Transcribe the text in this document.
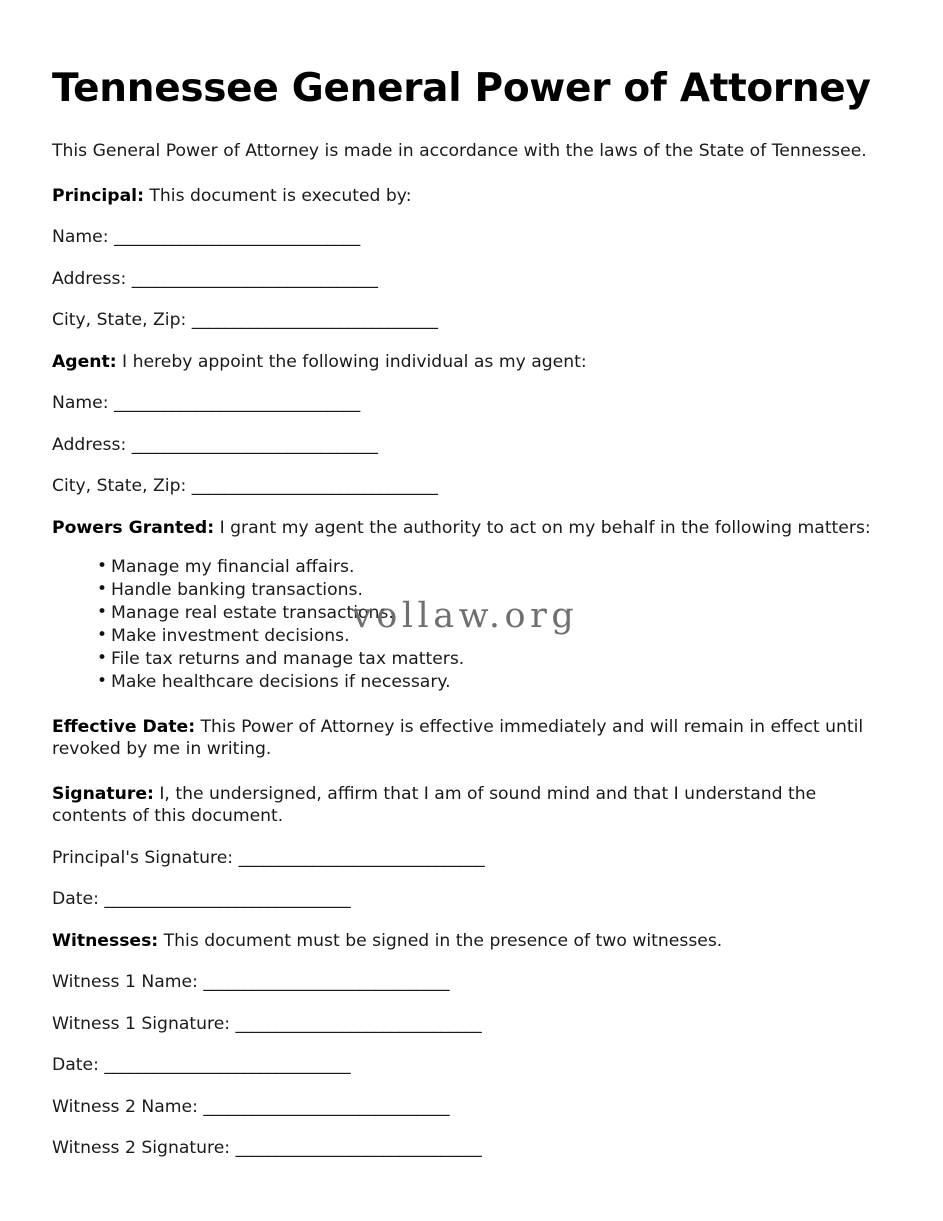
Tennessee General Power of Attorney

This General Power of Attorney is made in accordance with the laws of the State of Tennessee.

Principal: This document is executed by:

Name: ______________________________

Address: ______________________________

City, State, Zip: ______________________________

Agent: I hereby appoint the following individual as my agent:

Name: ______________________________

Address: ______________________________

City, State, Zip: ______________________________

Powers Granted: I grant my agent the authority to act on my behalf in the following matters:

• Manage my financial affairs.
• Handle banking transactions.
• Manage real estate transactions.
• Make investment decisions.
• File tax returns and manage tax matters.
• Make healthcare decisions if necessary.

Effective Date: This Power of Attorney is effective immediately and will remain in effect until revoked by me in writing.

Signature: I, the undersigned, affirm that I am of sound mind and that I understand the contents of this document.

Principal's Signature: ______________________________

Date: ______________________________

Witnesses: This document must be signed in the presence of two witnesses.

Witness 1 Name: ______________________________

Witness 1 Signature: ______________________________

Date: ______________________________

Witness 2 Name: ______________________________

Witness 2 Signature: ______________________________

vollaw.org
